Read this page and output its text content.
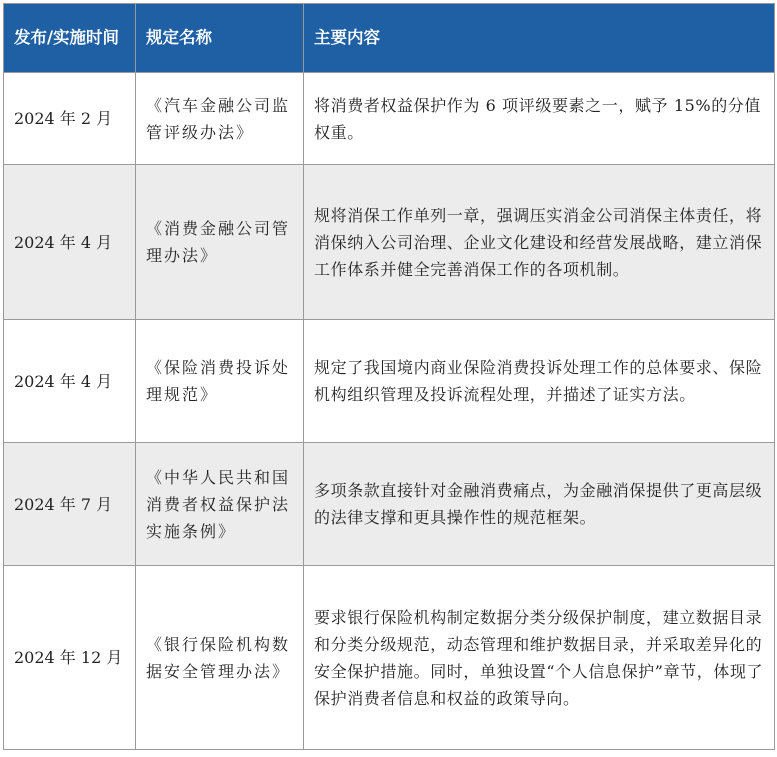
发布/实施时间	规定名称	主要内容
2024 年 2 月	《汽车金融公司监管评级办法》	将消费者权益保护作为 6 项评级要素之一，赋予 15%的分值权重。
2024 年 4 月	《消费金融公司管理办法》	规将消保工作单列一章，强调压实消金公司消保主体责任，将消保纳入公司治理、企业文化建设和经营发展战略，建立消保工作体系并健全完善消保工作的各项机制。
2024 年 4 月	《保险消费投诉处理规范》	规定了我国境内商业保险消费投诉处理工作的总体要求、保险机构组织管理及投诉流程处理，并描述了证实方法。
2024 年 7 月	《中华人民共和国消费者权益保护法实施条例》	多项条款直接针对金融消费痛点，为金融消保提供了更高层级的法律支撑和更具操作性的规范框架。
2024 年 12 月	《银行保险机构数据安全管理办法》	要求银行保险机构制定数据分类分级保护制度，建立数据目录和分类分级规范，动态管理和维护数据目录，并采取差异化的安全保护措施。同时，单独设置“个人信息保护”章节，体现了保护消费者信息和权益的政策导向。
